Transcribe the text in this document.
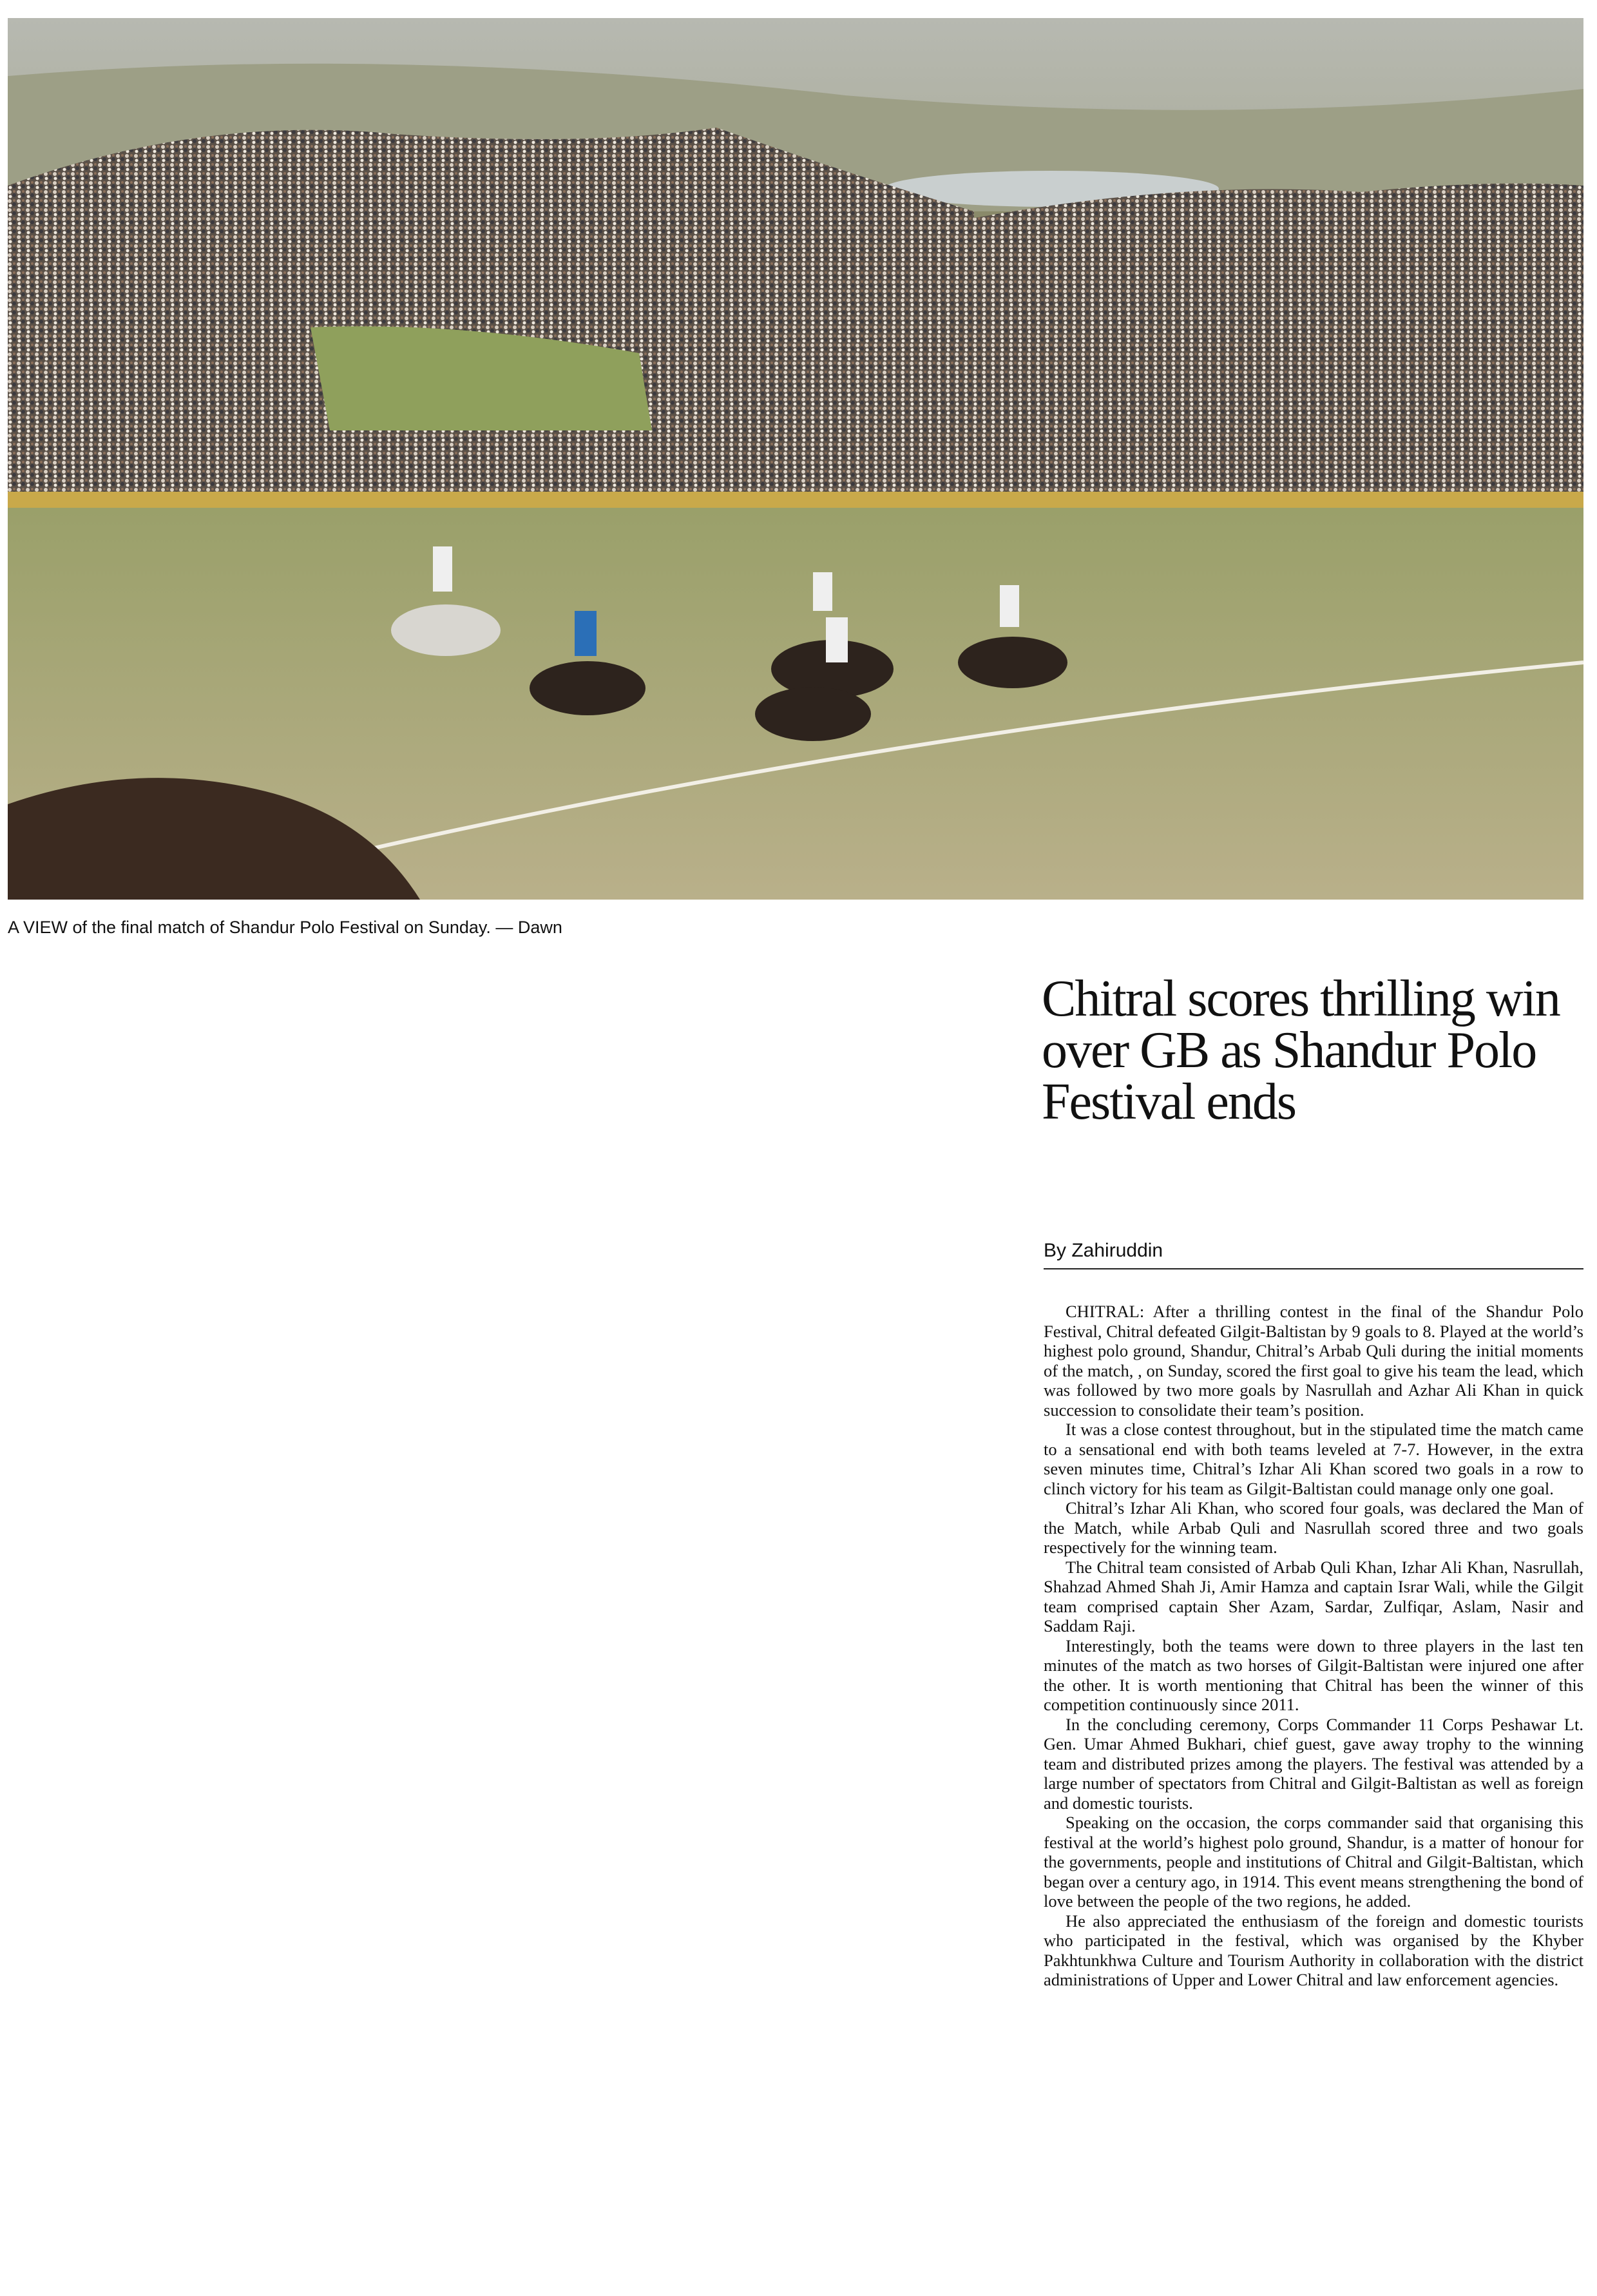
A VIEW of the final match of Shandur Polo Festival on Sunday. — Dawn
Chitral scores thrilling win over GB as Shandur Polo Festival ends
By Zahiruddin

CHITRAL: After a thrilling contest in the final of the Shandur Polo Festival, Chitral defeated Gilgit-Baltistan by 9 goals to 8. Played at the world’s highest polo ground, Shandur, Chitral’s Arbab Quli during the initial moments of the match, , on Sunday, scored the first goal to give his team the lead, which was followed by two more goals by Nasrullah and Azhar Ali Khan in quick succession to consolidate their team’s position.

It was a close contest throughout, but in the stipulated time the match came to a sensational end with both teams leveled at 7-7. However, in the extra seven minutes time, Chitral’s Izhar Ali Khan scored two goals in a row to clinch victory for his team as Gilgit-Baltistan could manage only one goal.

Chitral’s Izhar Ali Khan, who scored four goals, was declared the Man of the Match, while Arbab Quli and Nasrullah scored three and two goals respectively for the winning team.

The Chitral team consisted of Arbab Quli Khan, Izhar Ali Khan, Nasrullah, Shahzad Ahmed Shah Ji, Amir Hamza and captain Israr Wali, while the Gilgit team comprised captain Sher Azam, Sardar, Zulfiqar, Aslam, Nasir and Saddam Raji.

Interestingly, both the teams were down to three players in the last ten minutes of the match as two horses of Gilgit-Baltistan were injured one after the other. It is worth mentioning that Chitral has been the winner of this competition continuously since 2011.

In the concluding ceremony, Corps Commander 11 Corps Peshawar Lt. Gen. Umar Ahmed Bukhari, chief guest, gave away trophy to the winning team and distributed prizes among the players. The festival was attended by a large number of spectators from Chitral and Gilgit-Baltistan as well as foreign and domestic tourists.

Speaking on the occasion, the corps commander said that organising this festival at the world’s highest polo ground, Shandur, is a matter of honour for the governments, people and institutions of Chitral and Gilgit-Baltistan, which began over a century ago, in 1914. This event means strengthening the bond of love between the people of the two regions, he added.

He also appreciated the enthusiasm of the foreign and domestic tourists who participated in the festival, which was organised by the Khyber Pakhtunkhwa Culture and Tourism Authority in collaboration with the district administrations of Upper and Lower Chitral and law enforcement agencies.
